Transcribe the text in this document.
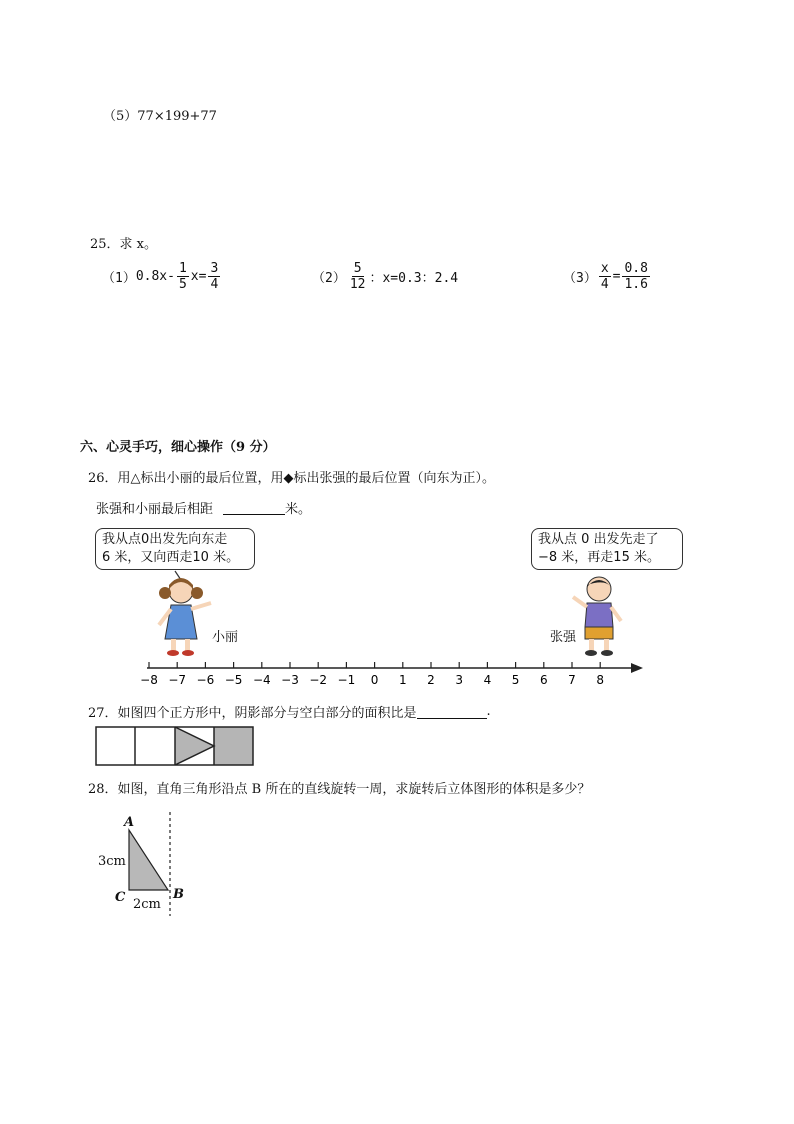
（5）77×199+77
25．求 x。
（1） $0.8x- \frac{1}{5} x= \frac{3}{4}$	$(2) \frac{5}{12}$ ：x=0.3：2.4	$(3) \frac{x}{4} = \frac{0.8}{1.6}$
六、心灵手巧，细心操作（9 分）
26．用△标出小丽的最后位置，用◆标出张强的最后位置（向东为正）。
张强和小丽最后相距	米。
我从点0出发先向东走
6 米，又向西走10 米。
我从点 0 出发先走了
−8 米，再走15 米。
小丽	张强
−8 −7 −6 −5 −4 −3 −2 −1 0 1 2 3 4 5 6 7 8
27．如图四个正方形中，阴影部分与空白部分的面积比是	.
28．如图，直角三角形沿点 B 所在的直线旋转一周，求旋转后立体图形的体积是多少？
A
3cm
C	B
2cm
